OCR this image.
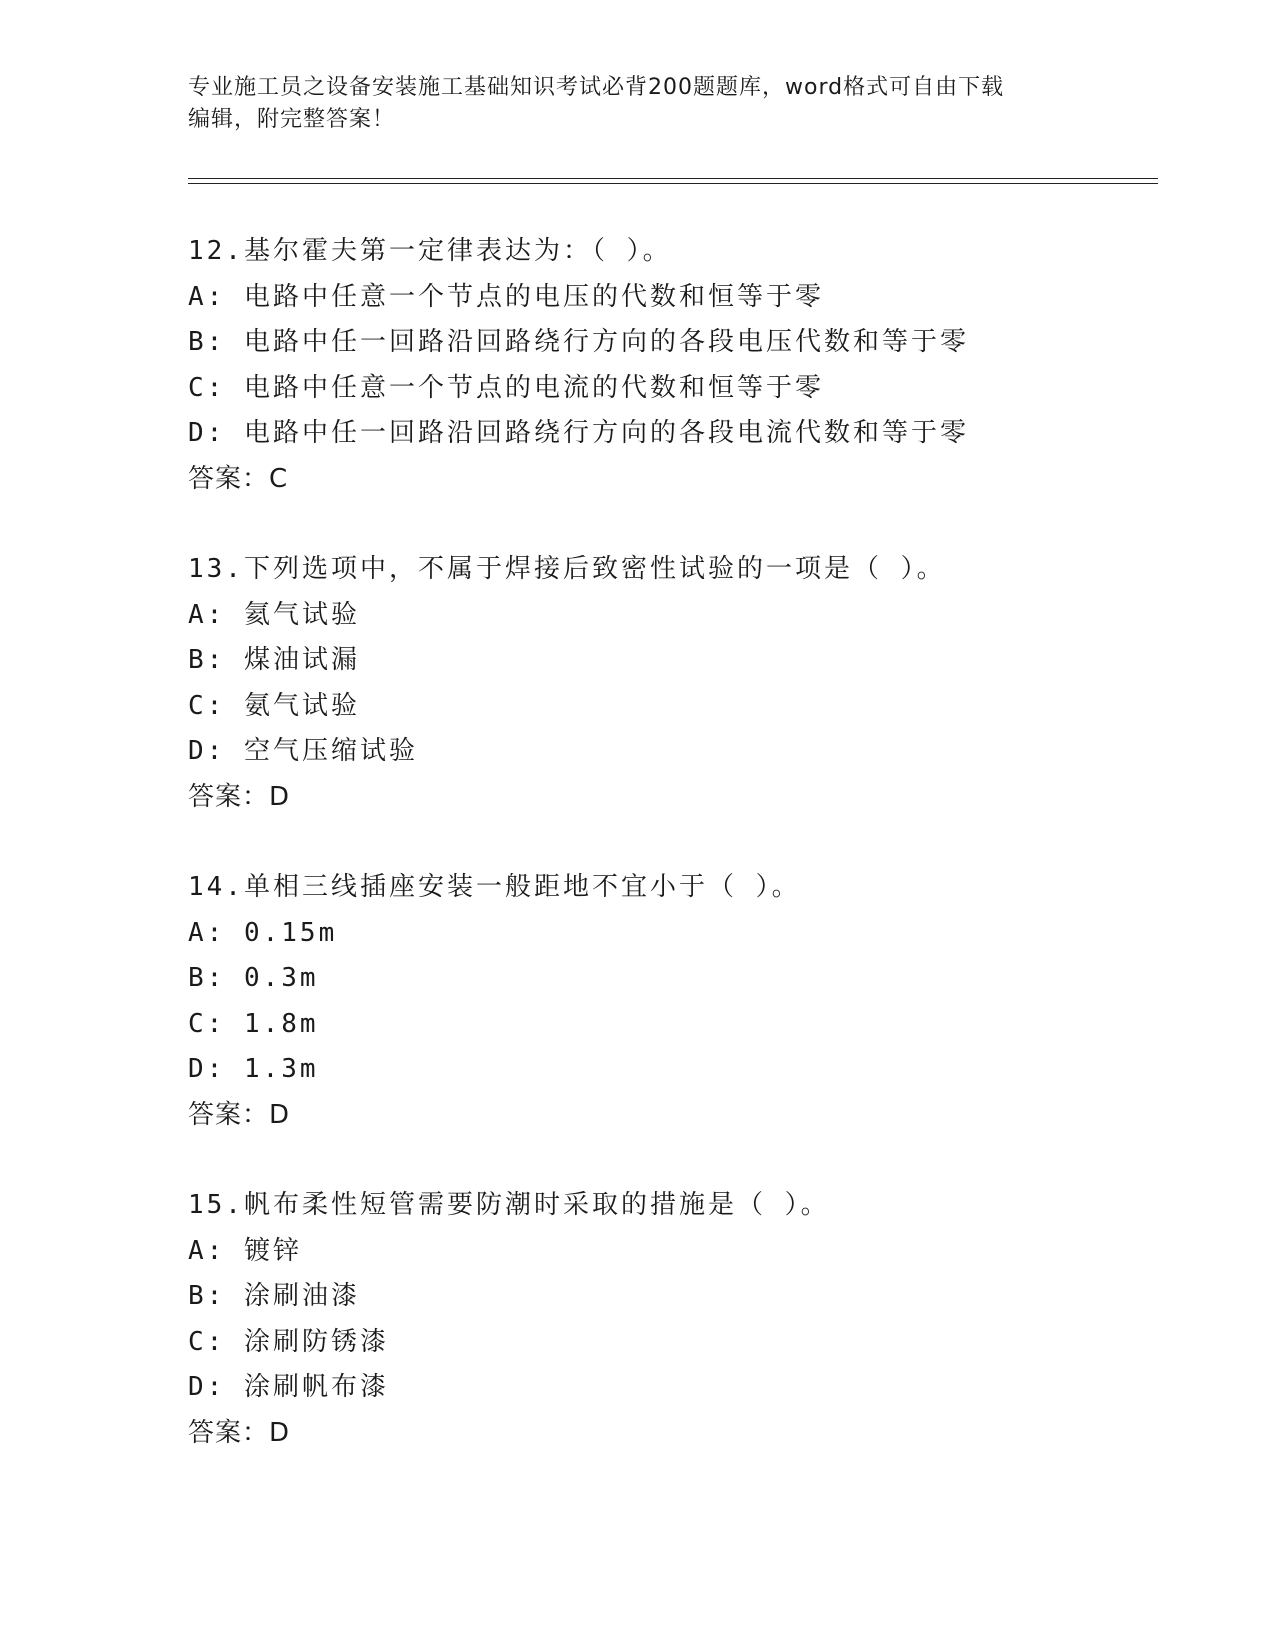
专业施工员之设备安装施工基础知识考试必背200题题库，word格式可自由下载
编辑，附完整答案！
12.基尔霍夫第一定律表达为：（ ）。
A: 电路中任意一个节点的电压的代数和恒等于零
B: 电路中任一回路沿回路绕行方向的各段电压代数和等于零
C: 电路中任意一个节点的电流的代数和恒等于零
D: 电路中任一回路沿回路绕行方向的各段电流代数和等于零
答案：C
13.下列选项中，不属于焊接后致密性试验的一项是（ ）。
A: 氦气试验
B: 煤油试漏
C: 氨气试验
D: 空气压缩试验
答案：D
14.单相三线插座安装一般距地不宜小于（ ）。
A: 0.15m
B: 0.3m
C: 1.8m
D: 1.3m
答案：D
15.帆布柔性短管需要防潮时采取的措施是（ ）。
A: 镀锌
B: 涂刷油漆
C: 涂刷防锈漆
D: 涂刷帆布漆
答案：D
